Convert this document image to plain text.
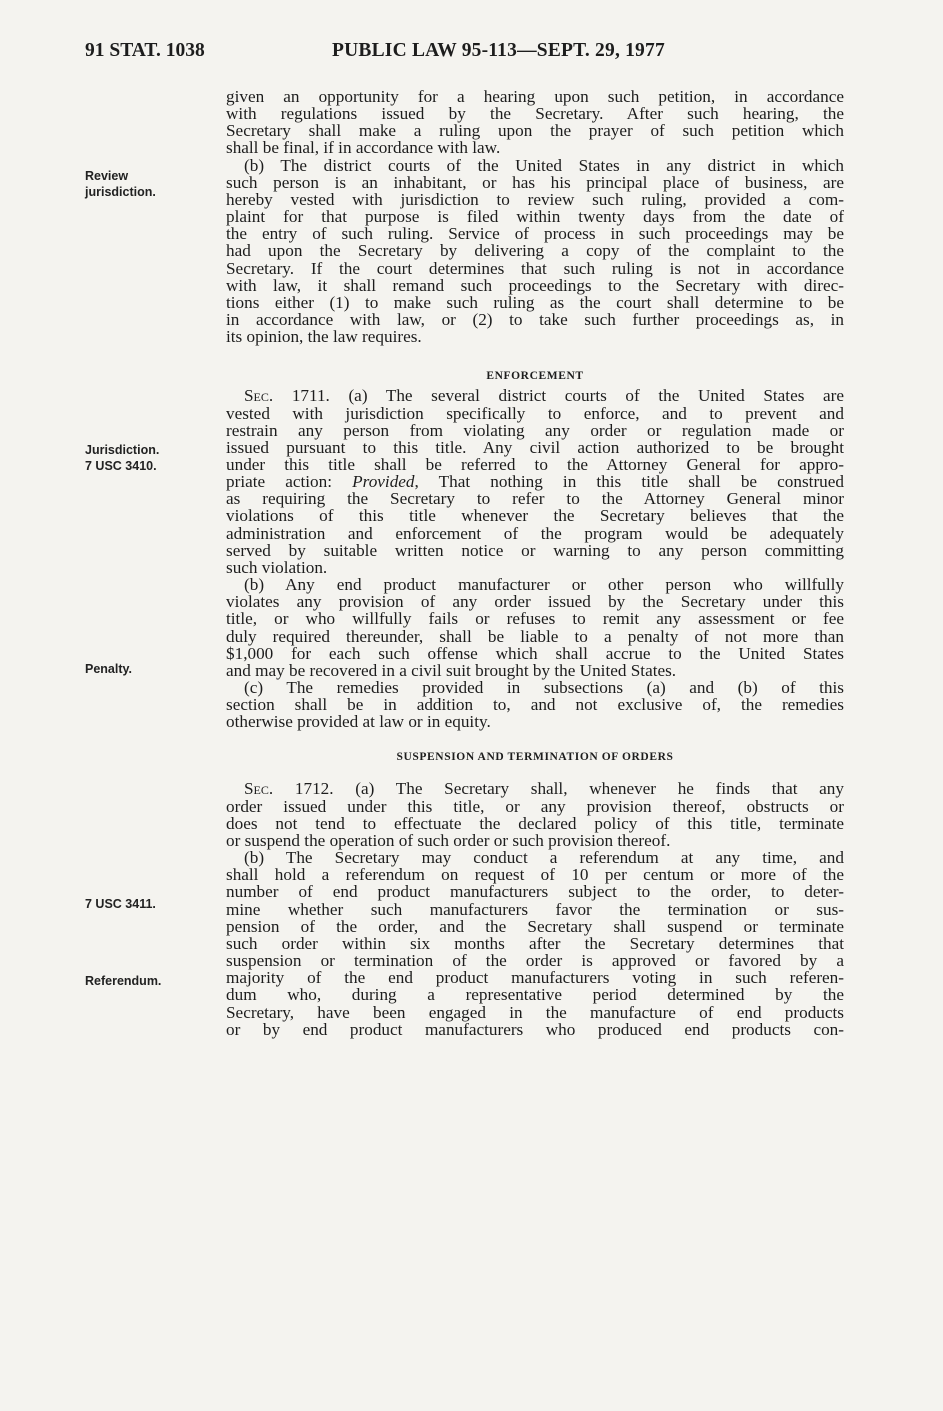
91 STAT. 1038	PUBLIC LAW 95-113—SEPT. 29, 1977
Review
jurisdiction.
Jurisdiction.
7 USC 3410.
Penalty.
7 USC 3411.
Referendum.

given an opportunity for a hearing upon such petition, in accordance
with regulations issued by the Secretary. After such hearing, the
Secretary shall make a ruling upon the prayer of such petition which
shall be final, if in accordance with law.

(b) The district courts of the United States in any district in which
such person is an inhabitant, or has his principal place of business, are
hereby vested with jurisdiction to review such ruling, provided a com-
plaint for that purpose is filed within twenty days from the date of
the entry of such ruling. Service of process in such proceedings may be
had upon the Secretary by delivering a copy of the complaint to the
Secretary. If the court determines that such ruling is not in accordance
with law, it shall remand such proceedings to the Secretary with direc-
tions either (1) to make such ruling as the court shall determine to be
in accordance with law, or (2) to take such further proceedings as, in
its opinion, the law requires.

ENFORCEMENT

Sec. 1711. (a) The several district courts of the United States are
vested with jurisdiction specifically to enforce, and to prevent and
restrain any person from violating any order or regulation made or
issued pursuant to this title. Any civil action authorized to be brought
under this title shall be referred to the Attorney General for appro-
priate action: Provided, That nothing in this title shall be construed
as requiring the Secretary to refer to the Attorney General minor
violations of this title whenever the Secretary believes that the
administration and enforcement of the program would be adequately
served by suitable written notice or warning to any person committing
such violation.

(b) Any end product manufacturer or other person who willfully
violates any provision of any order issued by the Secretary under this
title, or who willfully fails or refuses to remit any assessment or fee
duly required thereunder, shall be liable to a penalty of not more than
$1,000 for each such offense which shall accrue to the United States
and may be recovered in a civil suit brought by the United States.

(c) The remedies provided in subsections (a) and (b) of this
section shall be in addition to, and not exclusive of, the remedies
otherwise provided at law or in equity.

SUSPENSION AND TERMINATION OF ORDERS

Sec. 1712. (a) The Secretary shall, whenever he finds that any
order issued under this title, or any provision thereof, obstructs or
does not tend to effectuate the declared policy of this title, terminate
or suspend the operation of such order or such provision thereof.

(b) The Secretary may conduct a referendum at any time, and
shall hold a referendum on request of 10 per centum or more of the
number of end product manufacturers subject to the order, to deter-
mine whether such manufacturers favor the termination or sus-
pension of the order, and the Secretary shall suspend or terminate
such order within six months after the Secretary determines that
suspension or termination of the order is approved or favored by a
majority of the end product manufacturers voting in such referen-
dum who, during a representative period determined by the
Secretary, have been engaged in the manufacture of end products
or by end product manufacturers who produced end products con-
